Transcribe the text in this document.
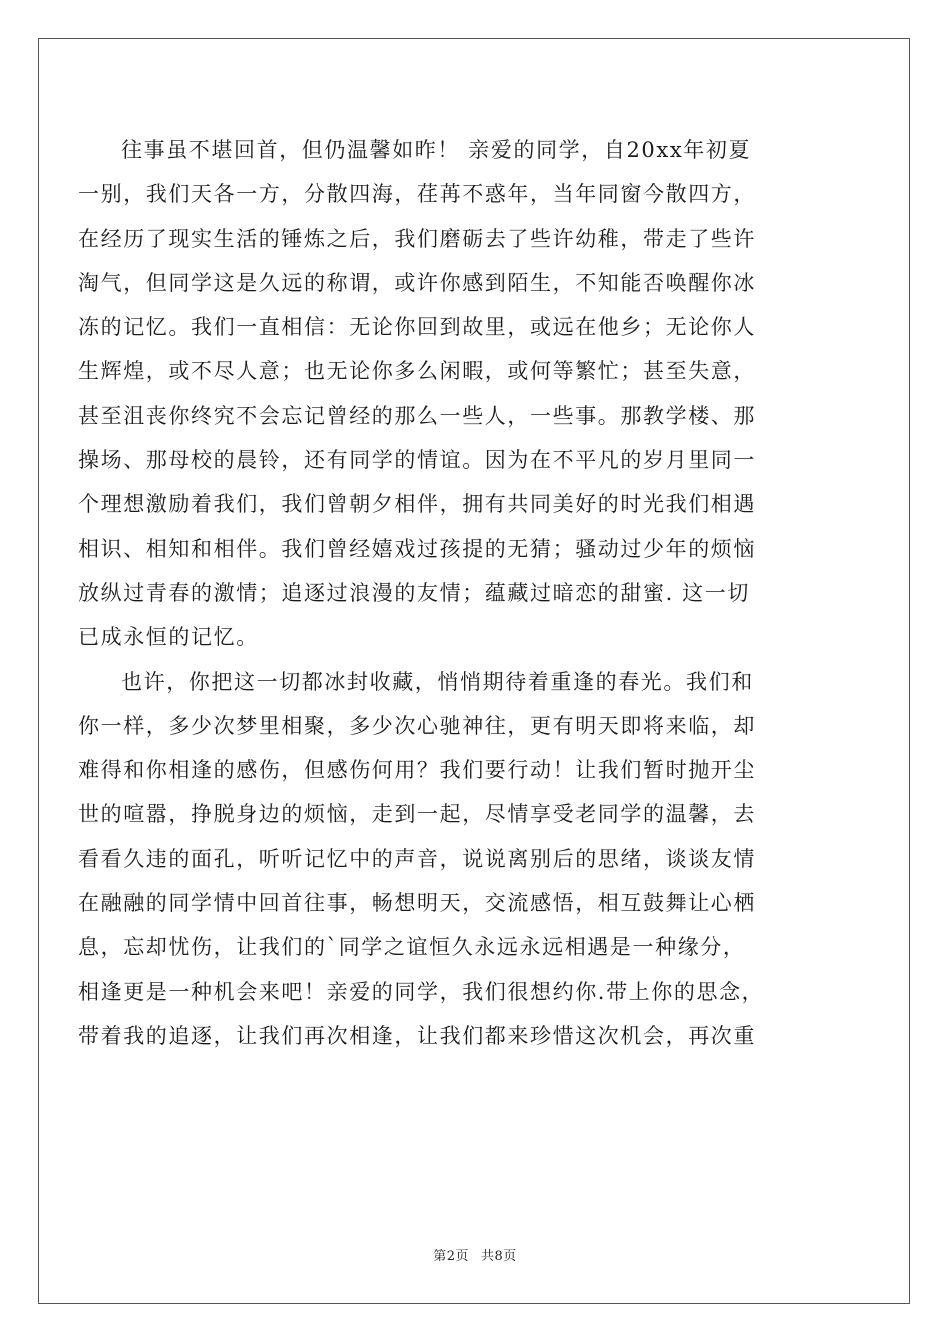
往事虽不堪回首，但仍温馨如昨！ 亲爱的同学，自20xx年初夏
一别，我们天各一方，分散四海，荏苒不惑年，当年同窗今散四方，
在经历了现实生活的锤炼之后，我们磨砺去了些许幼稚，带走了些许
淘气，但同学这是久远的称谓，或许你感到陌生，不知能否唤醒你冰
冻的记忆。我们一直相信：无论你回到故里，或远在他乡；无论你人
生辉煌，或不尽人意；也无论你多么闲暇，或何等繁忙；甚至失意，
甚至沮丧你终究不会忘记曾经的那么一些人，一些事。那教学楼、那
操场、那母校的晨铃，还有同学的情谊。因为在不平凡的岁月里同一
个理想激励着我们，我们曾朝夕相伴，拥有共同美好的时光我们相遇
相识、相知和相伴。我们曾经嬉戏过孩提的无猜；骚动过少年的烦恼
放纵过青春的激情；追逐过浪漫的友情；蕴藏过暗恋的甜蜜. 这一切
已成永恒的记忆。

也许，你把这一切都冰封收藏，悄悄期待着重逢的春光。我们和
你一样，多少次梦里相聚，多少次心驰神往，更有明天即将来临，却
难得和你相逢的感伤，但感伤何用？我们要行动！让我们暂时抛开尘
世的喧嚣，挣脱身边的烦恼，走到一起，尽情享受老同学的温馨，去
看看久违的面孔，听听记忆中的声音，说说离别后的思绪，谈谈友情
在融融的同学情中回首往事，畅想明天，交流感悟，相互鼓舞让心栖
息，忘却忧伤，让我们的`同学之谊恒久永远永远相遇是一种缘分，
相逢更是一种机会来吧！亲爱的同学，我们很想约你.带上你的思念，
带着我的追逐，让我们再次相逢，让我们都来珍惜这次机会，再次重

第2页 共8页
